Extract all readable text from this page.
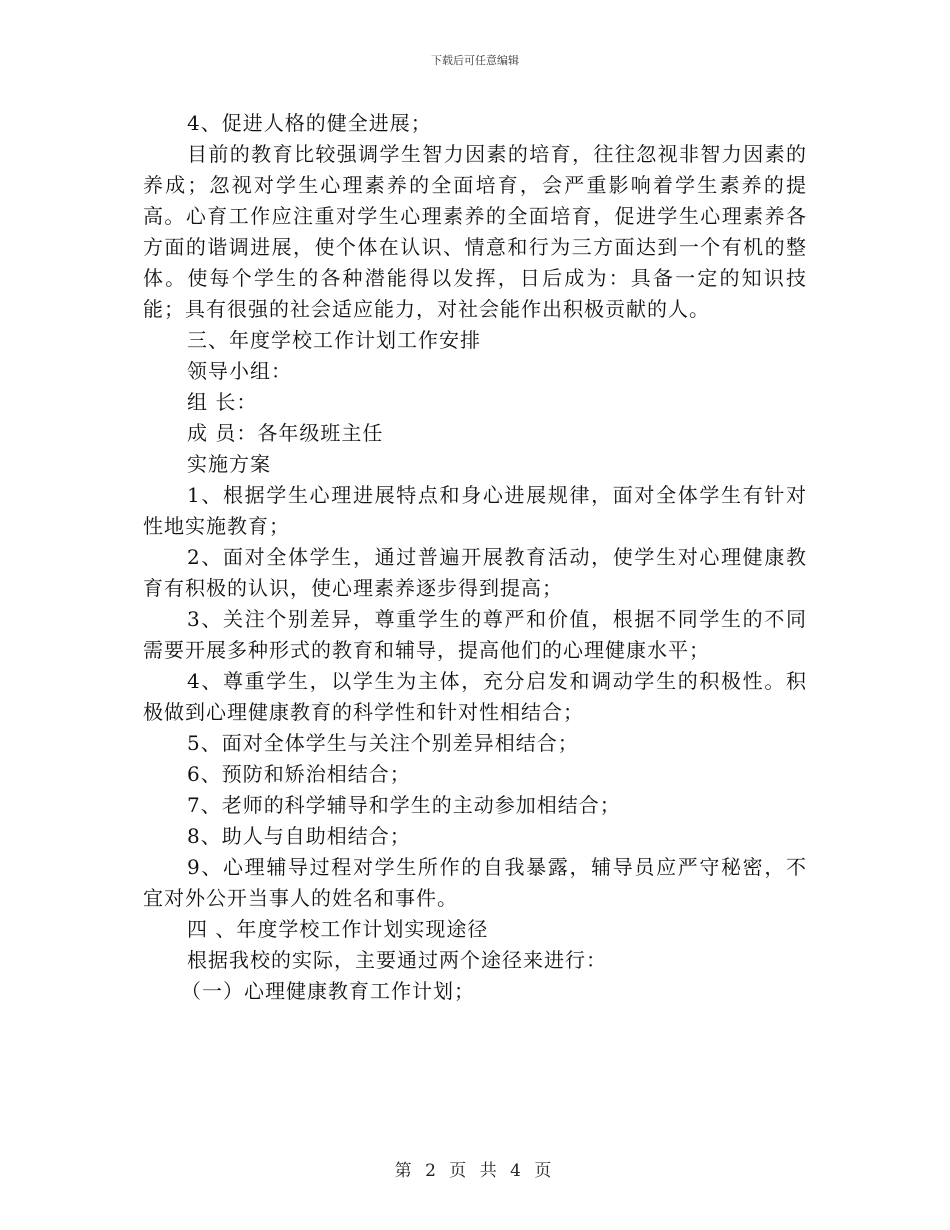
下载后可任意编辑

4、促进人格的健全进展；

目前的教育比较强调学生智力因素的培育，往往忽视非智力因素的养成；忽视对学生心理素养的全面培育，会严重影响着学生素养的提高。心育工作应注重对学生心理素养的全面培育，促进学生心理素养各方面的谐调进展，使个体在认识、情意和行为三方面达到一个有机的整体。使每个学生的各种潜能得以发挥，日后成为：具备一定的知识技能；具有很强的社会适应能力，对社会能作出积极贡献的人。

三、年度学校工作计划工作安排

领导小组：

组 长：

成 员：各年级班主任

实施方案

1、根据学生心理进展特点和身心进展规律，面对全体学生有针对性地实施教育；

2、面对全体学生，通过普遍开展教育活动，使学生对心理健康教育有积极的认识，使心理素养逐步得到提高；

3、关注个别差异，尊重学生的尊严和价值，根据不同学生的不同需要开展多种形式的教育和辅导，提高他们的心理健康水平；

4、尊重学生，以学生为主体，充分启发和调动学生的积极性。积极做到心理健康教育的科学性和针对性相结合；

5、面对全体学生与关注个别差异相结合；

6、预防和矫治相结合；

7、老师的科学辅导和学生的主动参加相结合；

8、助人与自助相结合；

9、心理辅导过程对学生所作的自我暴露，辅导员应严守秘密，不宜对外公开当事人的姓名和事件。

四 、年度学校工作计划实现途径

根据我校的实际，主要通过两个途径来进行：

（一）心理健康教育工作计划；

第 2 页 共 4 页
